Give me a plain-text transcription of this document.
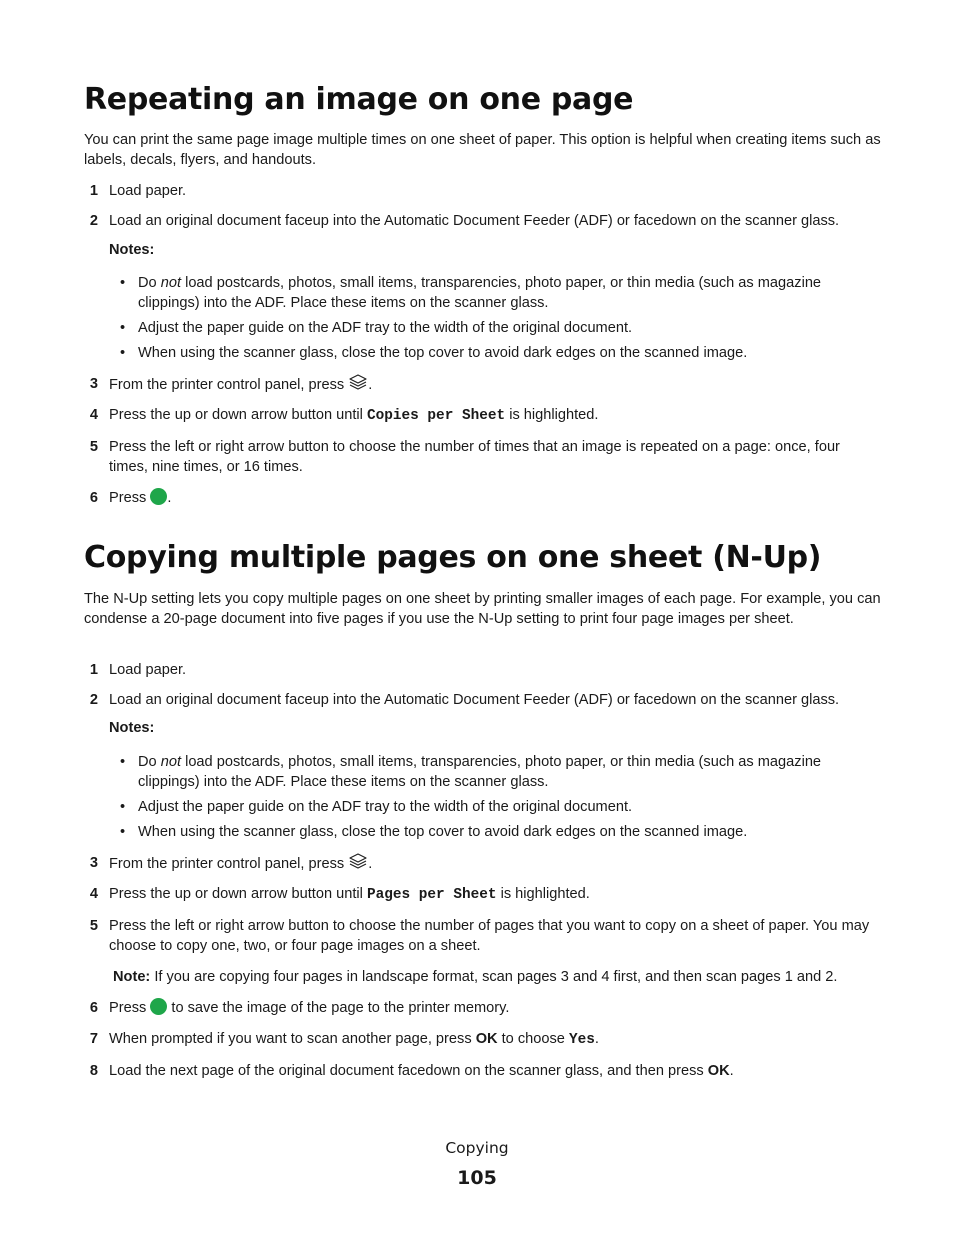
Repeating an image on one page
You can print the same page image multiple times on one sheet of paper. This option is helpful when creating items such as labels, decals, flyers, and handouts.
1 Load paper.
2 Load an original document faceup into the Automatic Document Feeder (ADF) or facedown on the scanner glass.
Notes:
• Do not load postcards, photos, small items, transparencies, photo paper, or thin media (such as magazine clippings) into the ADF. Place these items on the scanner glass.
• Adjust the paper guide on the ADF tray to the width of the original document.
• When using the scanner glass, close the top cover to avoid dark edges on the scanned image.
3 From the printer control panel, press .
4 Press the up or down arrow button until Copies per Sheet is highlighted.
5 Press the left or right arrow button to choose the number of times that an image is repeated on a page: once, four times, nine times, or 16 times.
6 Press .
Copying multiple pages on one sheet (N-Up)
The N-Up setting lets you copy multiple pages on one sheet by printing smaller images of each page. For example, you can condense a 20-page document into five pages if you use the N-Up setting to print four page images per sheet.
1 Load paper.
2 Load an original document faceup into the Automatic Document Feeder (ADF) or facedown on the scanner glass.
Notes:
• Do not load postcards, photos, small items, transparencies, photo paper, or thin media (such as magazine clippings) into the ADF. Place these items on the scanner glass.
• Adjust the paper guide on the ADF tray to the width of the original document.
• When using the scanner glass, close the top cover to avoid dark edges on the scanned image.
3 From the printer control panel, press .
4 Press the up or down arrow button until Pages per Sheet is highlighted.
5 Press the left or right arrow button to choose the number of pages that you want to copy on a sheet of paper. You may choose to copy one, two, or four page images on a sheet.
Note: If you are copying four pages in landscape format, scan pages 3 and 4 first, and then scan pages 1 and 2.
6 Press  to save the image of the page to the printer memory.
7 When prompted if you want to scan another page, press OK to choose Yes.
8 Load the next page of the original document facedown on the scanner glass, and then press OK.
Copying
105
